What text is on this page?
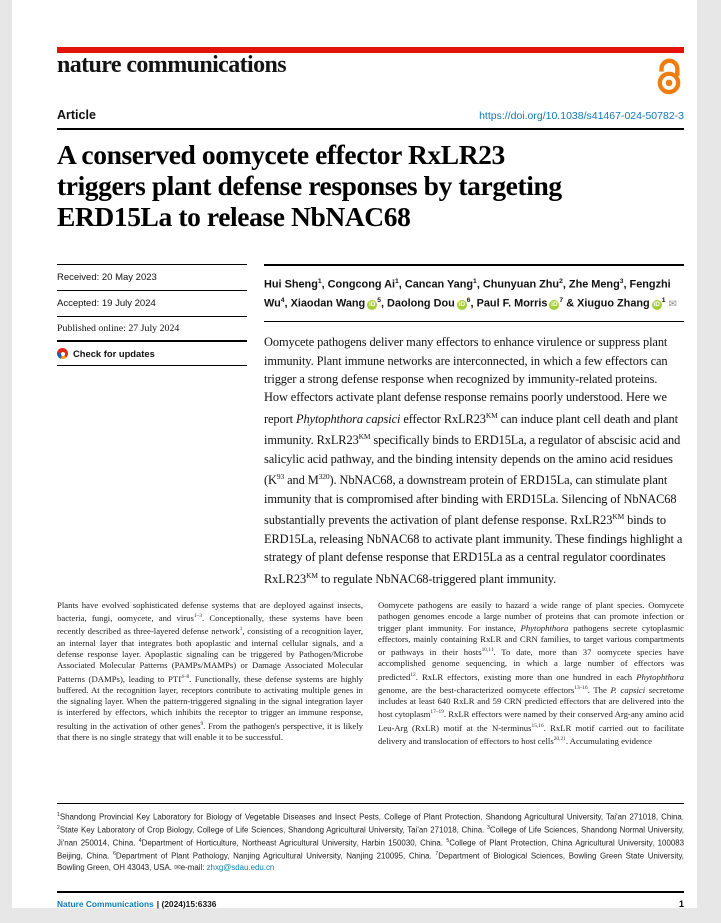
nature communications
Article	https://doi.org/10.1038/s41467-024-50782-3
A conserved oomycete effector RxLR23
triggers plant defense responses by targeting
ERD15La to release NbNAC68
Received: 20 May 2023
Accepted: 19 July 2024
Published online: 27 July 2024
Check for updates
Hui Sheng$^1$, Congcong Ai$^1$, Cancan Yang$^1$, Chunyuan Zhu$^2$, Zhe Meng$^3$, Fengzhi Wu$^4$, Xiaodan Wang $iD^5$, Daolong Dou $iD^6$, Paul F. Morris $iD^7$ & Xiuguo Zhang $iD^1$ ✉

Oomycete pathogens deliver many effectors to enhance virulence or suppress plant immunity. Plant immune networks are interconnected, in which a few effectors can trigger a strong defense response when recognized by immunity-related proteins. How effectors activate plant defense response remains poorly understood. Here we report Phytophthora capsici effector $RxLR23^{KM}$ can induce plant cell death and plant immunity. $RxLR23^{KM}$ specifically binds to ERD15La, a regulator of abscisic acid and salicylic acid pathway, and the binding intensity depends on the amino acid residues ($K^{93}$ and $M^{320}$). NbNAC68, a downstream protein of ERD15La, can stimulate plant immunity that is compromised after binding with ERD15La. Silencing of NbNAC68 substantially prevents the activation of plant defense response. $RxLR23^{KM}$ binds to ERD15La, releasing NbNAC68 to activate plant immunity. These findings highlight a strategy of plant defense response that ERD15La as a central regulator coordinates $RxLR23^{KM}$ to regulate NbNAC68-triggered plant immunity.

Plants have evolved sophisticated defense systems that are deployed against insects, bacteria, fungi, oomycete, and virus$^{1-3}$. Conceptionally, these systems have been recently described as three-layered defense network$^1$, consisting of a recognition layer, an internal layer that integrates both apoplastic and internal cellular signals, and a defense response layer. Apoplastic signaling can be triggered by Pathogen/Microbe Associated Molecular Patterns (PAMPs/MAMPs) or Damage Associated Molecular Patterns (DAMPs), leading to PTI$^{4-8}$. Functionally, these defense systems are highly buffered. At the recognition layer, receptors contribute to activating multiple genes in the signaling layer. When the pattern-triggered signaling in the signal integration layer is interfered by effectors, which inhibits the receptor to trigger an immune response, resulting in the activation of other genes$^9$. From the pathogen's perspective, it is likely that there is no single strategy that will enable it to be successful.

Oomycete pathogens are easily to hazard a wide range of plant species. Oomycete pathogen genomes encode a large number of proteins that can promote infection or trigger plant immunity. For instance, Phytophthora pathogens secrete cytoplasmic effectors, mainly containing RxLR and CRN families, to target various compartments or pathways in their hosts$^{10,11}$. To date, more than 37 oomycete species have accomplished genome sequencing, in which a large number of effectors was predicted$^{12}$. RxLR effectors, existing more than one hundred in each Phytophthora genome, are the best-characterized oomycete effectors$^{13-16}$. The P. capsici secretome includes at least 640 RxLR and 59 CRN predicted effectors that are delivered into the host cytoplasm$^{17-19}$. RxLR effectors were named by their conserved Arg-any amino acid Leu-Arg (RxLR) motif at the N-terminus$^{15,16}$. RxLR motif carried out to facilitate delivery and translocation of effectors to host cells$^{20,21}$. Accumulating evidence

$^1$Shandong Provincial Key Laboratory for Biology of Vegetable Diseases and Insect Pests, College of Plant Protection, Shandong Agricultural University, Tai'an 271018, China. $^2$State Key Laboratory of Crop Biology, College of Life Sciences, Shandong Agricultural University, Tai'an 271018, China. $^3$College of Life Sciences, Shandong Normal University, Ji'nan 250014, China. $^4$Department of Horticulture, Northeast Agricultural University, Harbin 150030, China. $^5$College of Plant Protection, China Agricultural University, 100083 Beijing, China. $^6$Department of Plant Pathology, Nanjing Agricultural University, Nanjing 210095, China. $^7$Department of Biological Sciences, Bowling Green State University, Bowling Green, OH 43043, USA. ✉e-mail: zhxg@sdau.edu.cn
Nature Communications | (2024)15:6336	1
